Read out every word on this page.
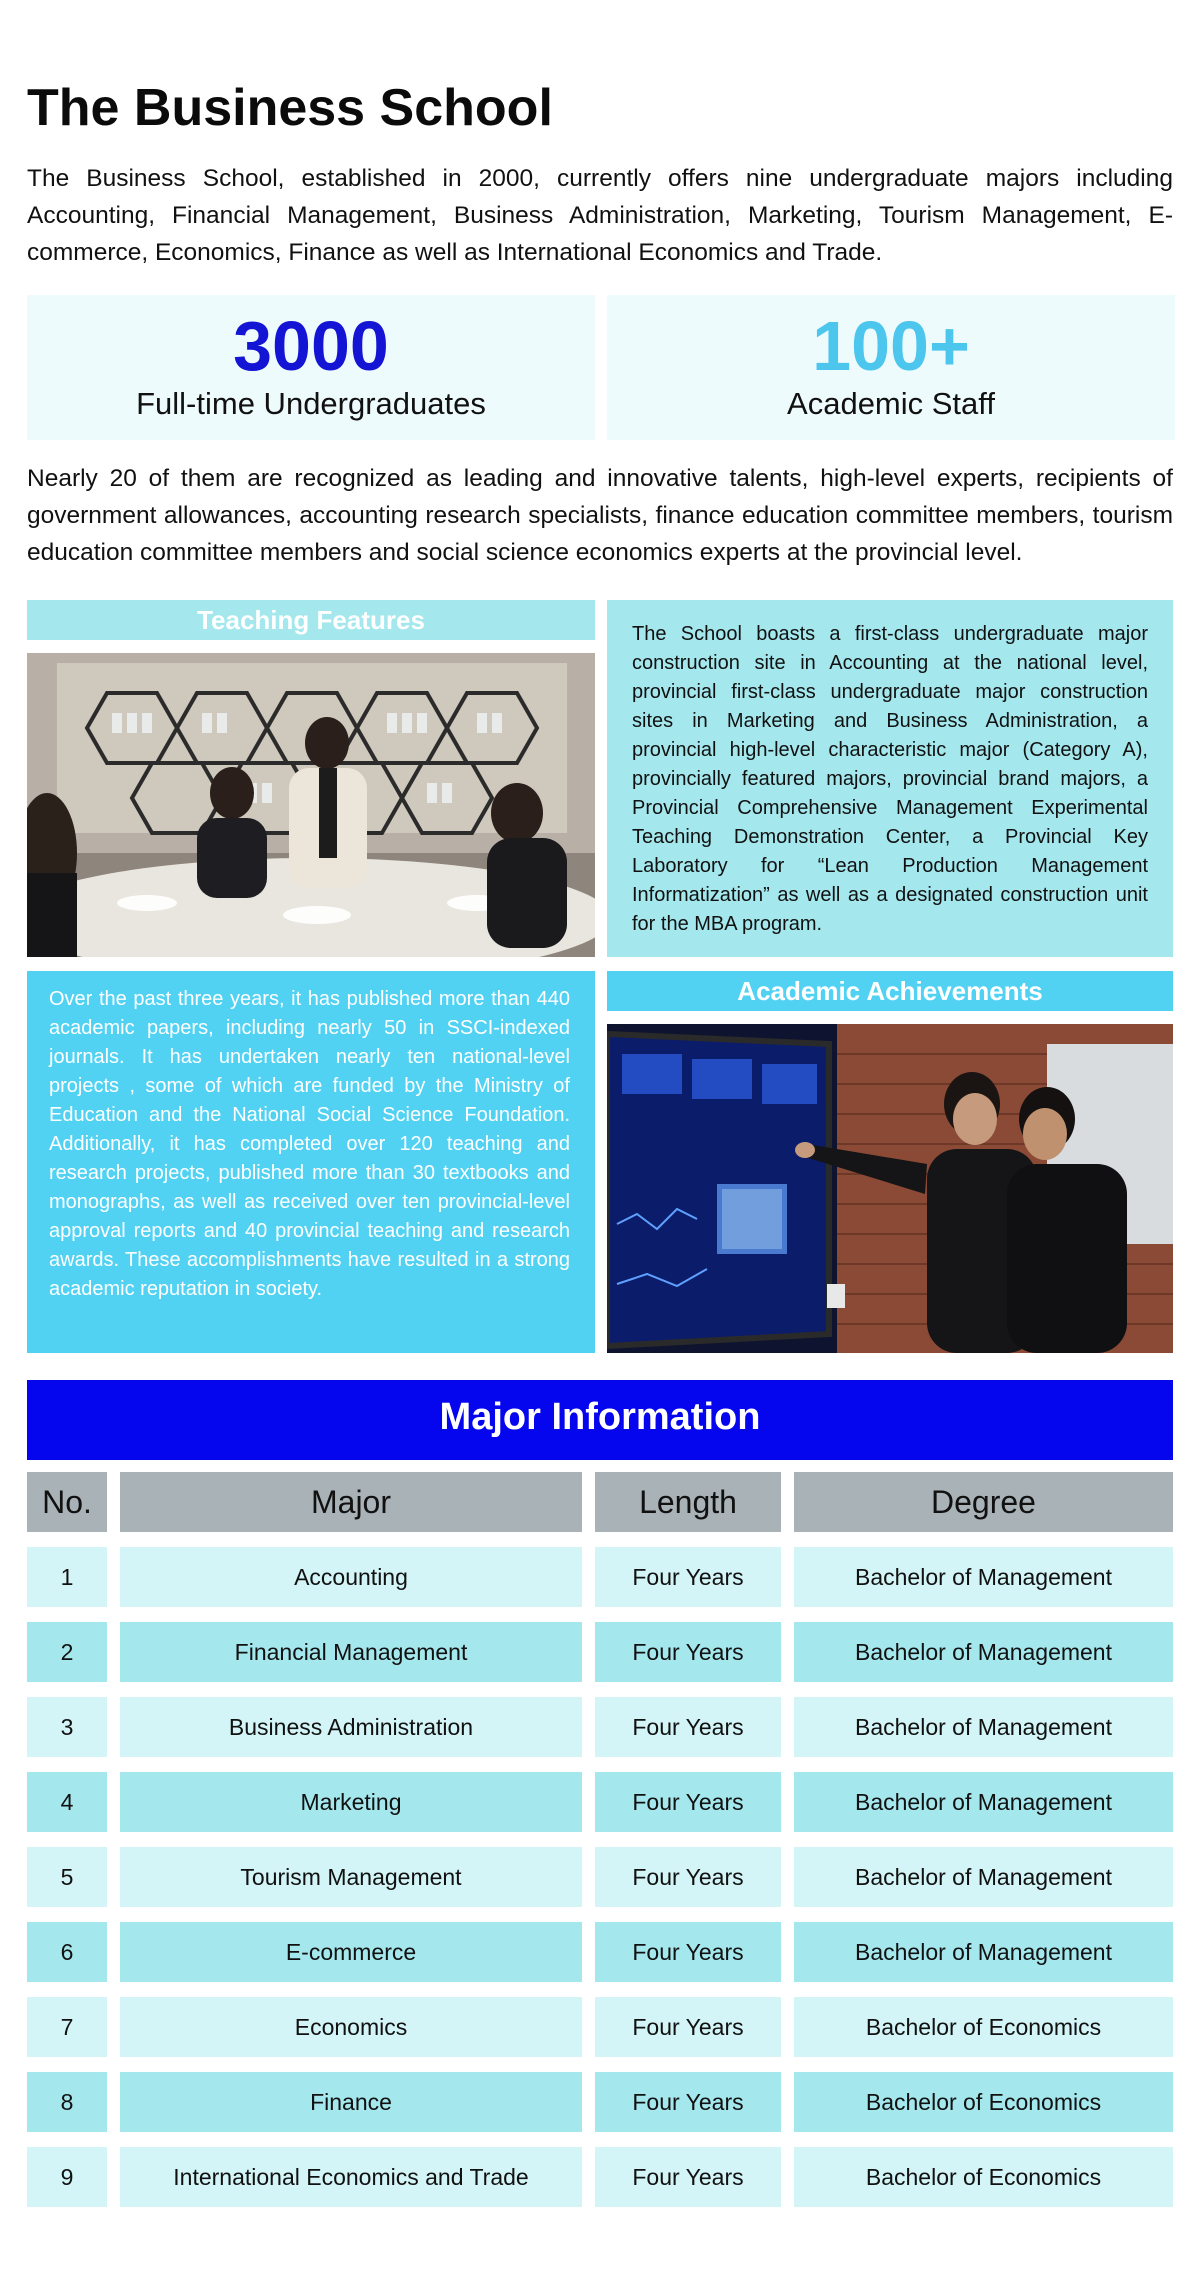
The Business School

The Business School, established in 2000, currently offers nine undergraduate majors including Accounting, Financial Management, Business Administration, Marketing, Tourism Management, E-commerce, Economics, Finance as well as International Economics and Trade.

3000
Full-time Undergraduates
100+
Academic Staff

Nearly 20 of them are recognized as leading and innovative talents, high-level experts, recipients of government allowances, accounting research specialists, finance education committee members, tourism education committee members and social science economics experts at the provincial level.

Teaching Features	The School boasts a first-class undergraduate major construction site in Accounting at the national level, provincial first-class undergraduate major construction sites in Marketing and Business Administration, a provincial high-level characteristic major (Category A), provincially featured majors, provincial brand majors, a Provincial Comprehensive Management Experimental Teaching Demonstration Center, a Provincial Key Laboratory for “Lean Production Management Informatization” as well as a designated construction unit for the MBA program.
Over the past three years, it has published more than 440 academic papers, including nearly 50 in SSCI-indexed journals. It has undertaken nearly ten national-level projects , some of which are funded by the Ministry of Education and the National Social Science Foundation. Additionally, it has completed over 120 teaching and research projects, published more than 30 textbooks and monographs, as well as received over ten provincial-level approval reports and 40 provincial teaching and research awards. These accomplishments have resulted in a strong academic reputation in society.
Academic Achievements
Major Information
No.	Major	Length	Degree
1	Accounting	Four Years	Bachelor of Management
2	Financial Management	Four Years	Bachelor of Management
3	Business Administration	Four Years	Bachelor of Management
4	Marketing	Four Years	Bachelor of Management
5	Tourism Management	Four Years	Bachelor of Management
6	E-commerce	Four Years	Bachelor of Management
7	Economics	Four Years	Bachelor of Economics
8	Finance	Four Years	Bachelor of Economics
9	International Economics and Trade	Four Years	Bachelor of Economics
